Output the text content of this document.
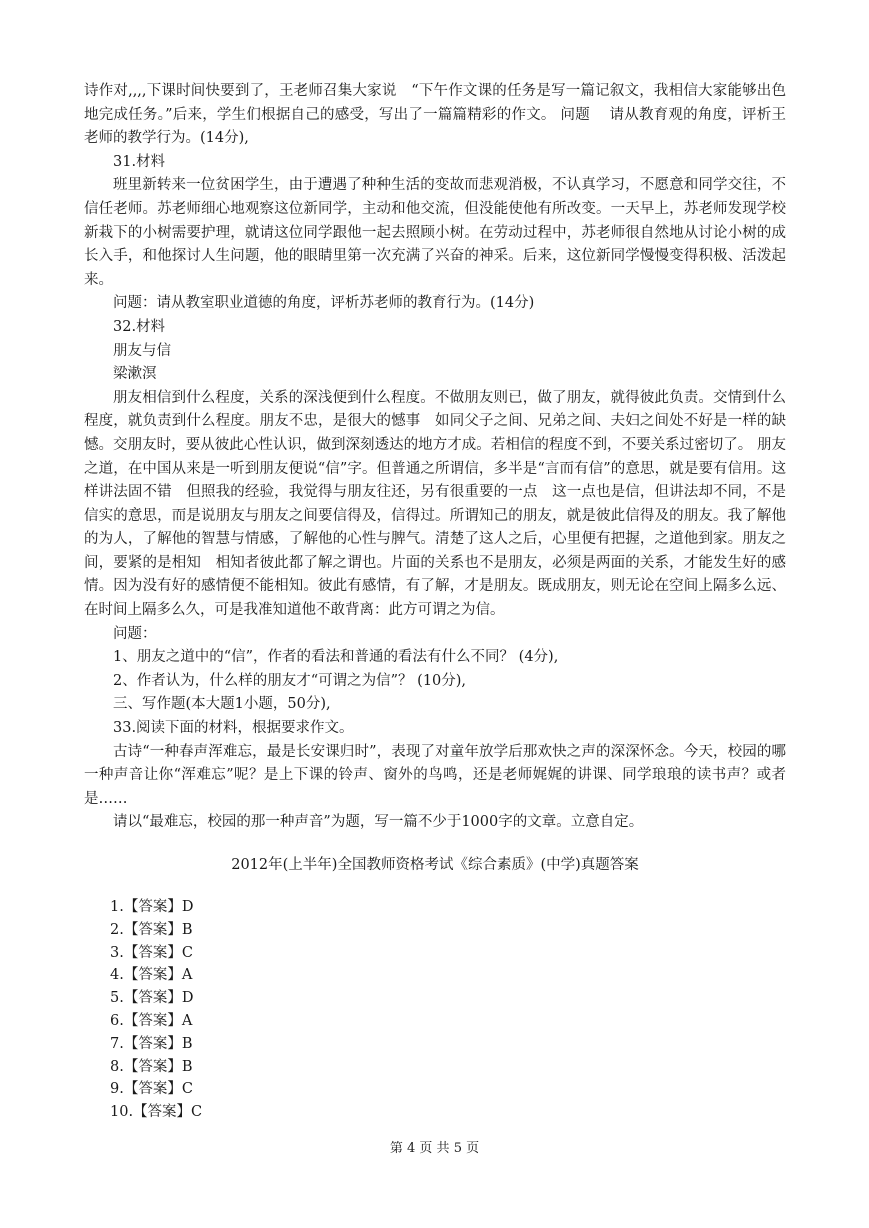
诗作对,,,,下课时间快要到了，王老师召集大家说　“下午作文课的任务是写一篇记叙文，我相信大家能够出色地完成任务。”后来，学生们根据自己的感受，写出了一篇篇精彩的作文。 问题　 请从教育观的角度，评析王老师的教学行为。(14分),

31.材料

班里新转来一位贫困学生，由于遭遇了种种生活的变故而悲观消极，不认真学习，不愿意和同学交往，不信任老师。苏老师细心地观察这位新同学，主动和他交流，但没能使他有所改变。一天早上，苏老师发现学校新栽下的小树需要护理，就请这位同学跟他一起去照顾小树。在劳动过程中，苏老师很自然地从讨论小树的成长入手，和他探讨人生问题，他的眼睛里第一次充满了兴奋的神采。后来，这位新同学慢慢变得积极、活泼起来。

问题：请从教室职业道德的角度，评析苏老师的教育行为。(14分)

32.材料

朋友与信

梁漱溟

朋友相信到什么程度，关系的深浅便到什么程度。不做朋友则已，做了朋友，就得彼此负责。交情到什么程度，就负责到什么程度。朋友不忠，是很大的憾事　如同父子之间、兄弟之间、夫妇之间处不好是一样的缺憾。交朋友时，要从彼此心性认识，做到深刻透达的地方才成。若相信的程度不到，不要关系过密切了。 朋友之道，在中国从来是一听到朋友便说“信”字。但普通之所谓信，多半是“言而有信”的意思，就是要有信用。这样讲法固不错　但照我的经验，我觉得与朋友往还，另有很重要的一点　这一点也是信，但讲法却不同，不是信实的意思，而是说朋友与朋友之间要信得及，信得过。所谓知己的朋友，就是彼此信得及的朋友。我了解他的为人，了解他的智慧与情感，了解他的心性与脾气。清楚了这人之后，心里便有把握，之道他到家。朋友之间，要紧的是相知　相知者彼此都了解之谓也。片面的关系也不是朋友，必须是两面的关系，才能发生好的感情。因为没有好的感情便不能相知。彼此有感情，有了解，才是朋友。既成朋友，则无论在空间上隔多么远、在时间上隔多么久，可是我准知道他不敢背离：此方可谓之为信。

问题：

1、朋友之道中的“信”，作者的看法和普通的看法有什么不同？ (4分),

2、作者认为，什么样的朋友才“可谓之为信”？ (10分),

三、写作题(本大题1小题，50分),

33.阅读下面的材料，根据要求作文。

古诗“一种春声浑难忘，最是长安课归时”，表现了对童年放学后那欢快之声的深深怀念。今天，校园的哪一种声音让你“浑难忘”呢？是上下课的铃声、窗外的鸟鸣，还是老师娓娓的讲课、同学琅琅的读书声？或者是……

请以“最难忘，校园的那一种声音”为题，写一篇不少于1000字的文章。立意自定。

2012年(上半年)全国教师资格考试《综合素质》(中学)真题答案
1.【答案】D
2.【答案】B
3.【答案】C
4.【答案】A
5.【答案】D
6.【答案】A
7.【答案】B
8.【答案】B
9.【答案】C
10.【答案】C
第 4 页 共 5 页
